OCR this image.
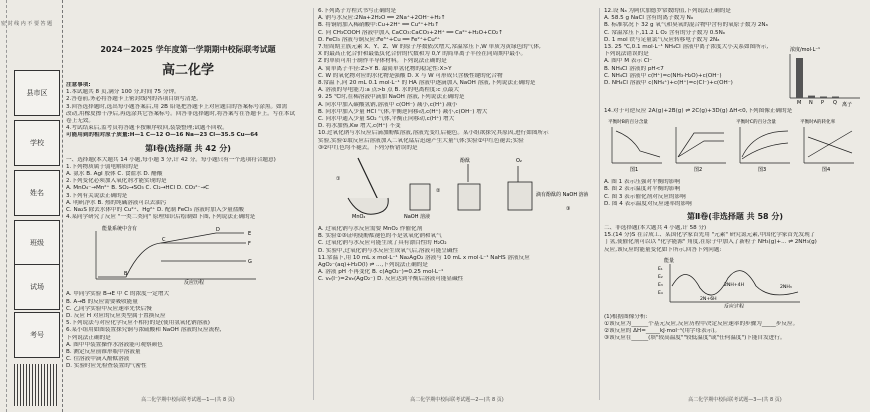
密 封 线 内 不 要 答 题
县市区
学校
姓名
班级
试场
考号
2024－2025 学年度第一学期期中校际联考试题
高二化学
注意事项:
1.本试题共 8 页,满分 100 分,时间 75 分钟。
2.答卷前,务必将答题卡上密封线内的各项目填写清楚。
3.回答选择题时,选出每小题答案后,用 2B 铅笔把答题卡上对应题目的答案标号涂黑。如需
改动,用橡皮擦干净后,再选涂其它答案标号。回答非选择题时,将答案写在答题卡上。写在本试
卷上无效。
4.考试结束后,监考员将答题卡按顺序收回,装袋整理;试题不回收。
可能用到的相对原子质量:H—1 C—12 O—16 Na—23 Cl—35.5 Cu—64
第Ⅰ卷(选择题 共 42 分)
一、选择题(本大题共 14 小题,每小题 3 分,计 42 分。每小题只有一个选项符合题意)
1.下列物质属于弱电解质的是
A. 氨水 B. AgI 胶体 C. 食盐水 D. 醋酸
2.下列变化必须加入氧化剂才能实现的是
A. MnO₄⁻→Mn²⁺ B. SO₂→SO₃ C. Cl₂→HCl D. CO₃²⁻→C
3.下列有关说法正确的是
A. 明矾净水 B. 热的纯碱溶液可以去油污
C. Na₂S 除去水体中的 Cu²⁺、Hg²⁺ D. 配制 FeCl₃ 溶液时加入少量盐酸
4.某同学研究了反应 "一类二类同" 原理知识后绘制如下图,下列说法正确的是
能量系统中含有
反应历程
B
C
D
E
F
G
A. 甲同学实验 B→E 中 C 的浓度一定增大
B. A→B 的反应需要吸收能量
C. 乙同学实验中反应速率先快后慢
D. 反应 H 对应的反应类型属于置换反应
5.下列说法与对应化学反应不相符的是(使用氢氧化钠溶液)
6.某小组用如图装置探究铜与浓硫酸和 NaOH 溶液的反应流程,
下列说法正确的是
A. 图中甲装置操作水溶液能可观察颜色
B. 测定反应前锥形瓶中溶液量
C. 往溶液中滴入酚酞溶液
D. 实验时应先检查装置的气密性
高二化学期中校际联考试题—1—(共 8 页)
6.下列离子方程式书写正确的是
A. 钠与水反应:2Na+2H₂O ══ 2Na⁺+2OH⁻+H₂↑
B. 将铜屑加入稀硝酸中:Cu+2H⁺ ══ Cu²⁺+H₂↑
C. 向 CH₃COOH 溶液中加入 CaCO₃:CaCO₃+2H⁺ ══ Ca²⁺+H₂O+CO₂↑
D. FeCl₃ 溶液与铜反应:Fe³⁺+Cu ══ Fe²⁺+Cu²⁺
7.短周期主族元素 X、Y、Z、W 的原子序数依次增大,常温常压下,W 单质为黄绿色的气体,
X 的最高正化合价和最低负化合价的代数和为 0,Y 的简单离子半径在同周期中最小。
Z 的单质可用于制作半导体材料。下列说法正确的是
A. 简单离子半径:Z>Y B. 最简单氢化物的稳定性:X>Y
C. W 的氧化物对应的水化物是强酸 D. X 与 W 可形成只含极性键的化合物
8.常温下,向 20 mL 0.1 mol·L⁻¹ 的 HA 溶液中逐滴加入 NaOH 溶液,下列说法正确的是
A. 溶液的导电能力:a 点>b 点 B. 水的电离程度:c 点最大
9. 25 ℃时,在稀溶液中滴加 NaOH 溶液,下列说法正确的是
A. 向水中加入碳酸氢钠,溶液中 c(OH⁻) 减小,c(H⁺) 减小
B. 向水中加入少量 HCl 气体,平衡逆向移动,c(H⁺) 减小,c(OH⁻) 增大
C. 向水中通入少量 SO₂ 气体,平衡正向移动,c(H⁺) 增大
D. 将水加热,Kw 增大,c(H⁺) 不变
10.过氧化钠与水反应后滴加酚酞溶液,溶液先变红后褪色。某小组欲探究其原因,进行如图所示
实验,实验①取反应后溶液加入二氧化锰后迅速产生大量气体;实验②中红色褪去;实验
③②中红色均不褪去。下列分析错误的是
MnO₂
①
NaOH 溶液
②
酚酞	O₂
滴有酚酞的 NaOH 溶液
③
A. 过氧化钠与水反应需要 MnO₂ 作催化剂
B. 实验②③证明使酚酞褪色的不是氢氧化钠和氧气
C. 过氧化钠与水反应可能生成了具有漂白性的 H₂O₂
D. 实验中,过氧化钠与水反应生成氧气后,溶液可能呈碱性
11.常温下,用 10 mL x mol·L⁻¹ Na₂AgO₂ 溶液与 10 mL x mol·L⁻¹ NaHS 溶液反应
AgO₂⁻(aq)+H₂O(l) ⇌ ...,下列说法正确的是
A. 溶液 pH 不再变化 B. c(AgO₂⁻)=0.25 mol·L⁻¹
C. vₑ(I⁻)=2vₑ(AgO₂⁻) D. 反应达到平衡后溶液可能显碱性
高二化学期中校际联考试题—2—(共 8 页)
12.设 Nₐ 为阿伏加德罗常数的值,下列说法正确的是
A. 58.5 g NaCl 含有的离子数为 Nₐ
B. 标准状况下 32 g 氧气和臭氧的混合物中含有的氧原子数为 2Nₐ
C. 常温常压下,11.2 L O₂ 含有的分子数为 0.5Nₐ
D. 1 mol 铁与足量氯气反应转移电子数为 2Nₐ
13. 25 ℃,0.1 mol·L⁻¹ NH₄Cl 溶液中离子浓度大小关系如图所示,
下列说法错误的是
A. 图中 M 表示 Cl⁻
B. NH₄Cl 溶液的 pH<7
C. NH₄Cl 溶液中 c(H⁺)=c(NH₃·H₂O)+c(OH⁻)
D. NH₄Cl 溶液中 c(NH₄⁺)+c(H⁺)=c(Cl⁻)+c(OH⁻)
浓度/mol·L⁻¹
M N P Q 离子
14.对于可逆反应 2A(g)+2B(g) ⇌ 2C(g)+3D(g) ΔH<0,下列图像正确的是
平衡时B的百分含量	平衡时C的百分含量	平衡时A的转化率
图1	图2	图3	图4
A. 图 1 表示压强对平衡的影响
B. 图 2 表示温度对平衡的影响
C. 图 3 表示催化剂对反应的影响
D. 图 4 表示温度对反应速率的影响
第Ⅱ卷(非选择题 共 58 分)
二、非选择题(本大题共 4 小题,计 58 分)
15.(14 分)S 在合成工、某国化学家首先用 "元素" 研究氮元素,中国化学家首先发现了
丁氢,使催化剂可以以 "化学能源" 角度,在原子中加入了新粒子 NH₃(g)+... ⇌ 2NH₃(g)
反应,该反应的能量变化如下所示,回答下列问题:
能量
E₁
E₂
E₃
E₄
2NH₃
2NH+4H
2N+6H
反应过程
(1)根据图像分析:
①该反应为______个基元反应,反应历程中决定反应速率的步骤为_____步反应。
②该反应的 ΔH=_____kJ·mol⁻¹(用字母表示)。
③该反应在______(填"较高温度""较低温度"或"任何温度")下能自发进行。
高二化学期中校际联考试题—3—(共 8 页)
